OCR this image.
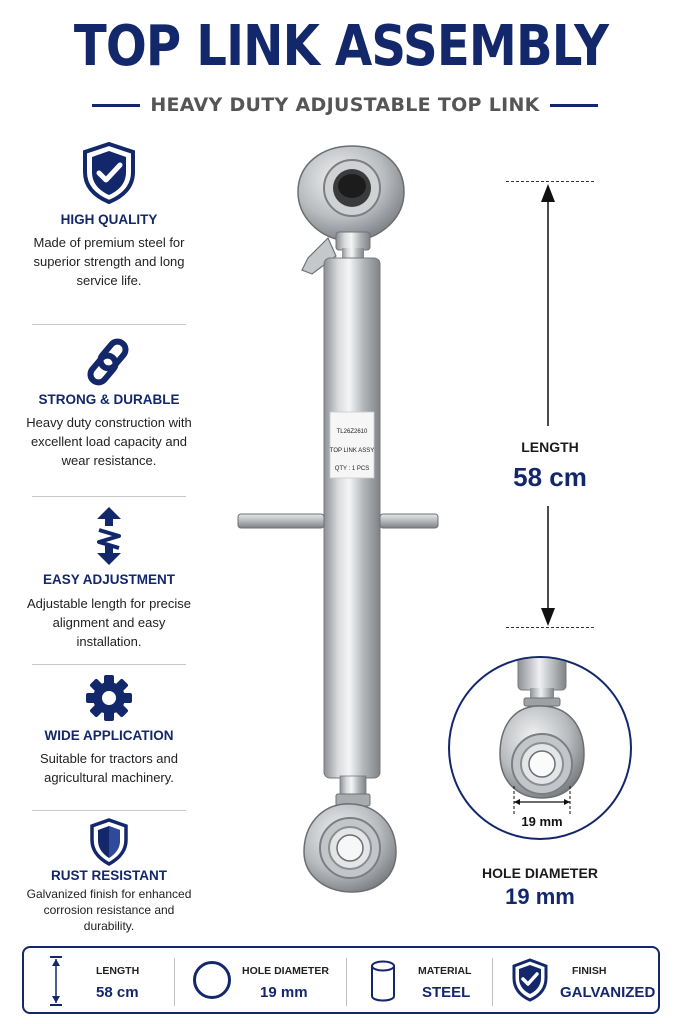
TOP LINK ASSEMBLY
HEAVY DUTY ADJUSTABLE TOP LINK
HIGH QUALITY
Made of premium steel for superior strength and long service life.
STRONG & DURABLE
Heavy duty construction with excellent load capacity and wear resistance.
EASY ADJUSTMENT
Adjustable length for precise alignment and easy installation.
WIDE APPLICATION
Suitable for tractors and agricultural machinery.
RUST RESISTANT
Galvanized finish for enhanced corrosion resistance and durability.
TL26Z2610
TOP LINK ASSY
QTY : 1 PCS
LENGTH
58 cm
19 mm
HOLE DIAMETER
19 mm
LENGTH
58 cm
HOLE DIAMETER
19 mm
MATERIAL
STEEL
FINISH
GALVANIZED
